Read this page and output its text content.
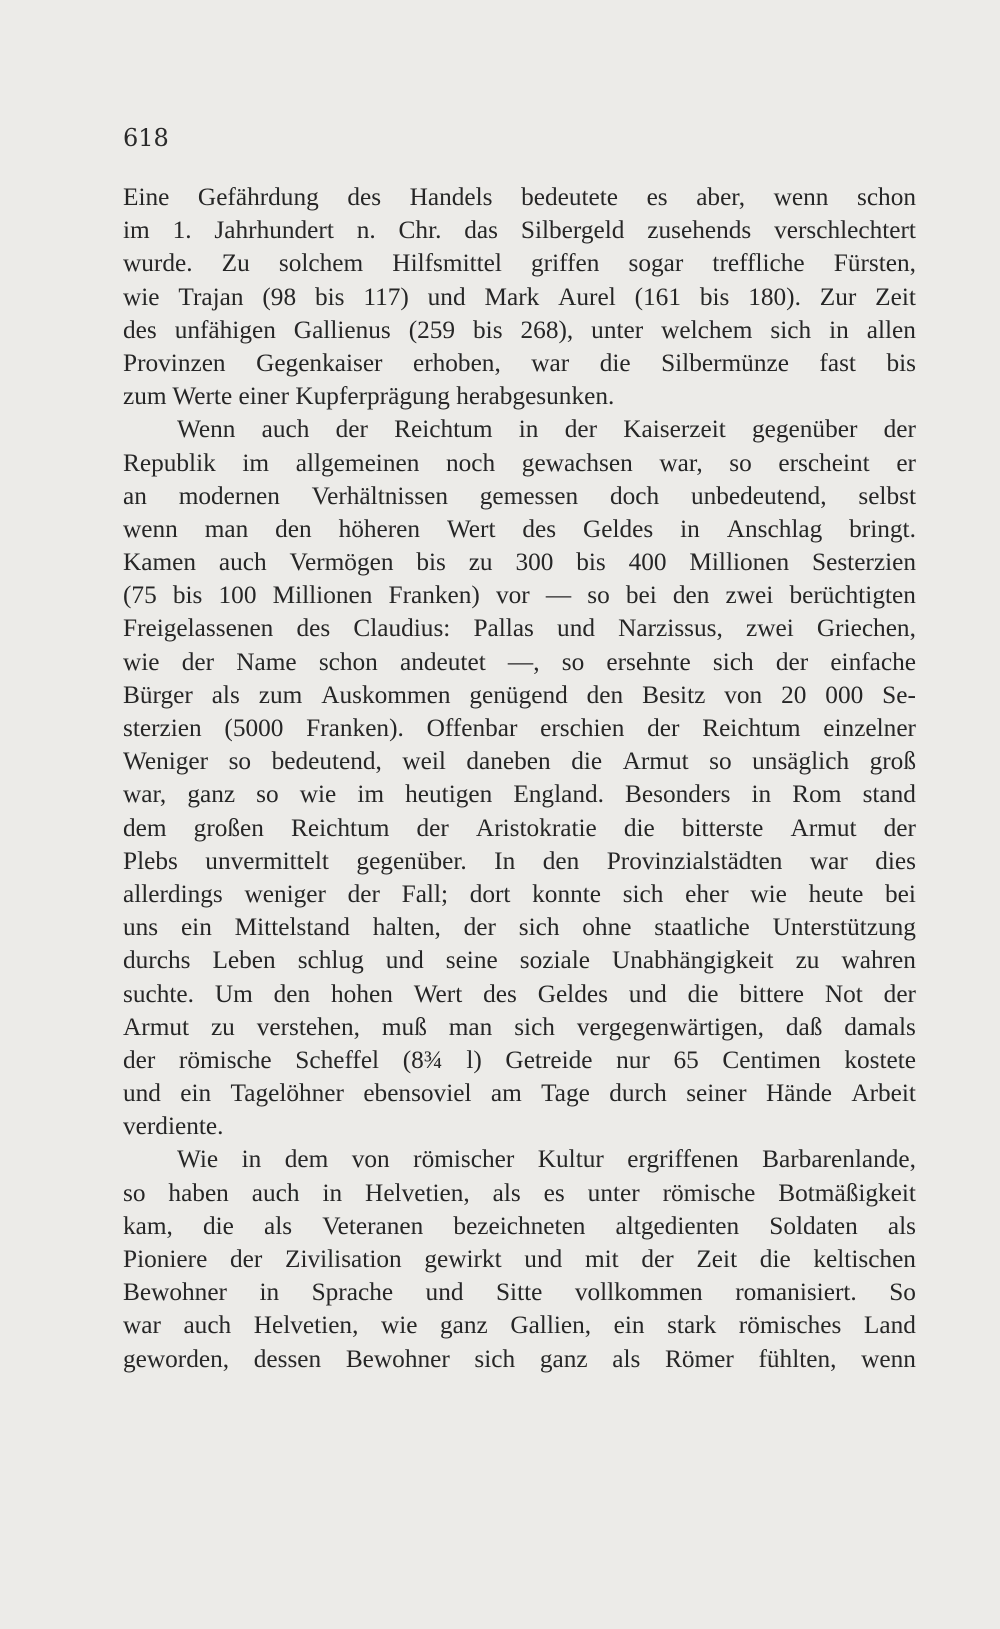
618
Eine Gefährdung des Handels bedeutete es aber, wenn schon
im 1. Jahrhundert n. Chr. das Silbergeld zusehends verschlechtert
wurde. Zu solchem Hilfsmittel griffen sogar treffliche Fürsten,
wie Trajan (98 bis 117) und Mark Aurel (161 bis 180). Zur Zeit
des unfähigen Gallienus (259 bis 268), unter welchem sich in allen
Provinzen Gegenkaiser erhoben, war die Silbermünze fast bis
zum Werte einer Kupferprägung herabgesunken.
Wenn auch der Reichtum in der Kaiserzeit gegenüber der
Republik im allgemeinen noch gewachsen war, so erscheint er
an modernen Verhältnissen gemessen doch unbedeutend, selbst
wenn man den höheren Wert des Geldes in Anschlag bringt.
Kamen auch Vermögen bis zu 300 bis 400 Millionen Sesterzien
(75 bis 100 Millionen Franken) vor — so bei den zwei berüchtigten
Freigelassenen des Claudius: Pallas und Narzissus, zwei Griechen,
wie der Name schon andeutet —, so ersehnte sich der einfache
Bürger als zum Auskommen genügend den Besitz von 20 000 Se-
sterzien (5000 Franken). Offenbar erschien der Reichtum einzelner
Weniger so bedeutend, weil daneben die Armut so unsäglich groß
war, ganz so wie im heutigen England. Besonders in Rom stand
dem großen Reichtum der Aristokratie die bitterste Armut der
Plebs unvermittelt gegenüber. In den Provinzialstädten war dies
allerdings weniger der Fall; dort konnte sich eher wie heute bei
uns ein Mittelstand halten, der sich ohne staatliche Unterstützung
durchs Leben schlug und seine soziale Unabhängigkeit zu wahren
suchte. Um den hohen Wert des Geldes und die bittere Not der
Armut zu verstehen, muß man sich vergegenwärtigen, daß damals
der römische Scheffel (8¾ l) Getreide nur 65 Centimen kostete
und ein Tagelöhner ebensoviel am Tage durch seiner Hände Arbeit
verdiente.
Wie in dem von römischer Kultur ergriffenen Barbarenlande,
so haben auch in Helvetien, als es unter römische Botmäßigkeit
kam, die als Veteranen bezeichneten altgedienten Soldaten als
Pioniere der Zivilisation gewirkt und mit der Zeit die keltischen
Bewohner in Sprache und Sitte vollkommen romanisiert. So
war auch Helvetien, wie ganz Gallien, ein stark römisches Land
geworden, dessen Bewohner sich ganz als Römer fühlten, wenn
